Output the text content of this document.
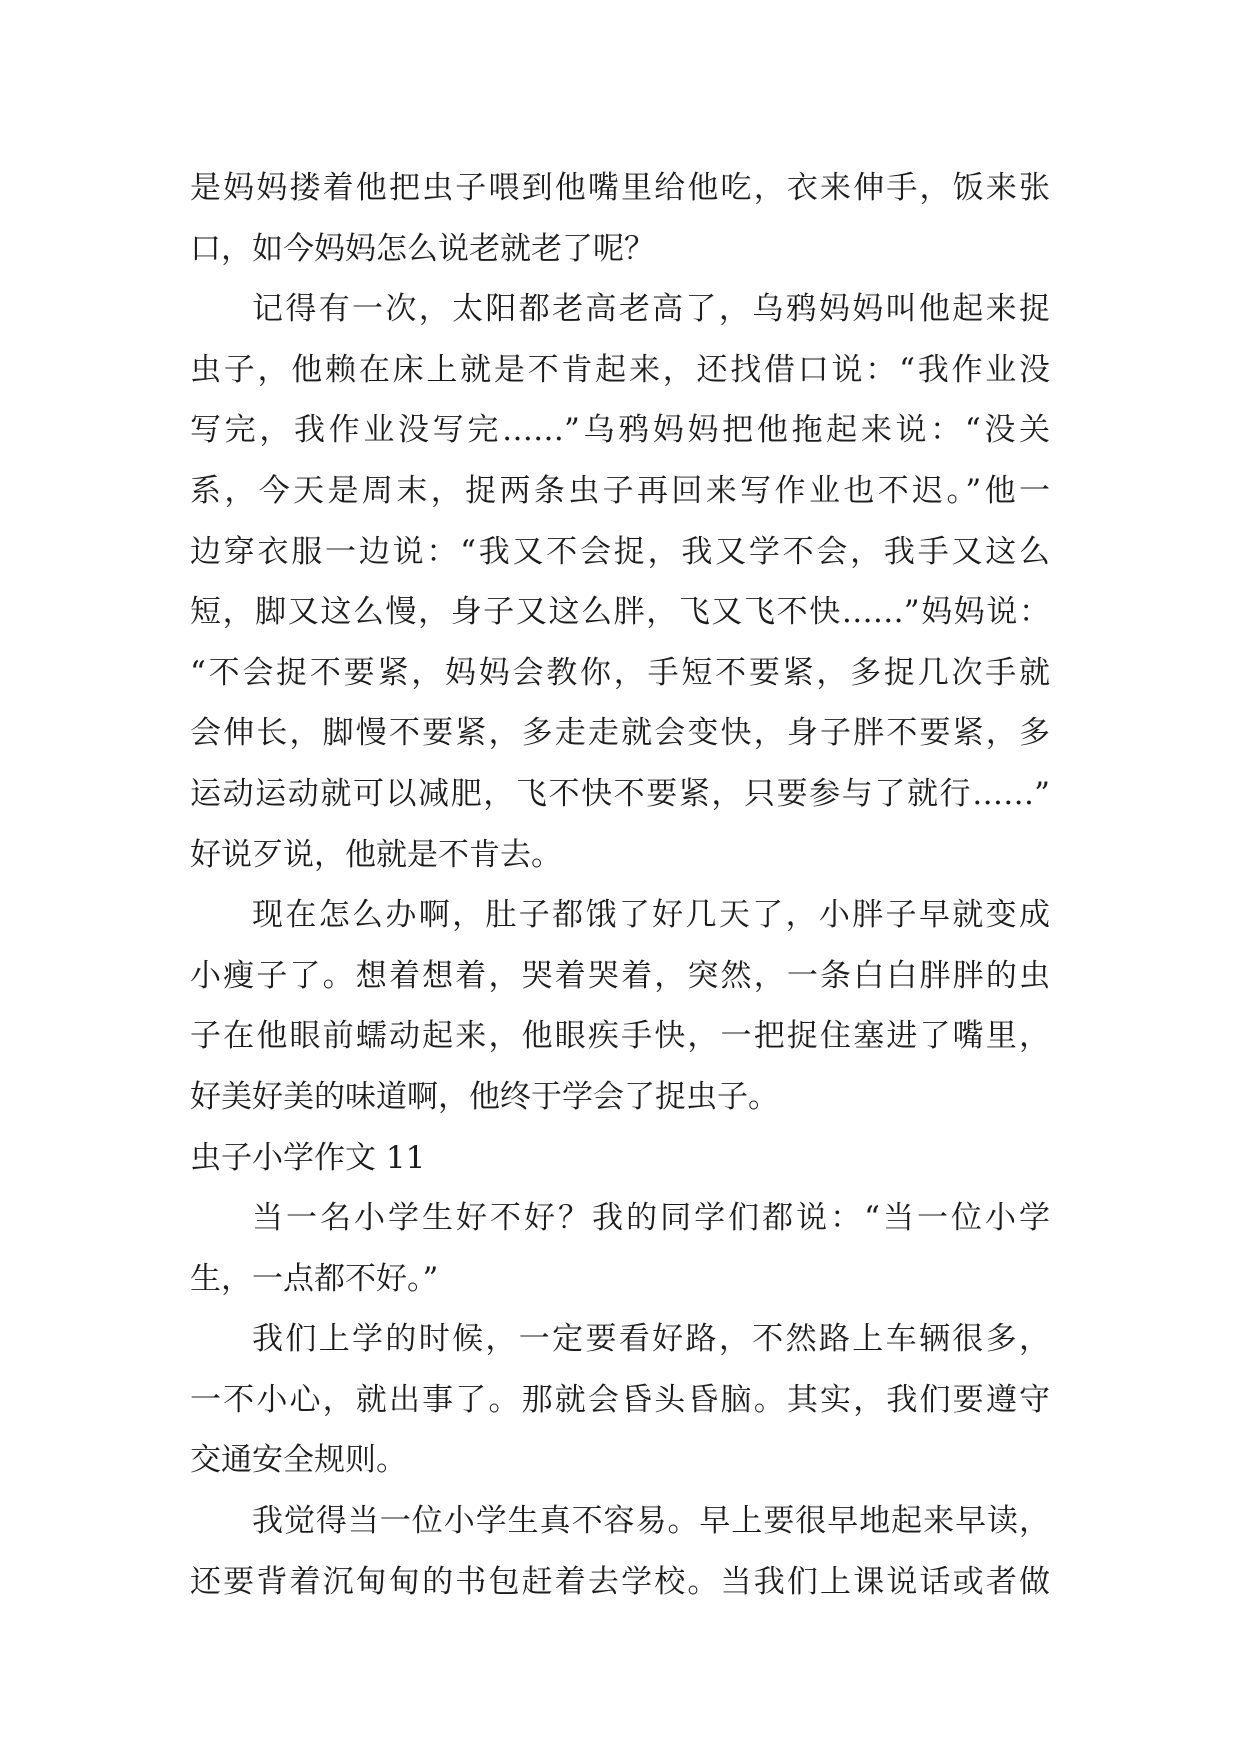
是妈妈搂着他把虫子喂到他嘴里给他吃，衣来伸手，饭来张
口，如今妈妈怎么说老就老了呢？
记得有一次，太阳都老高老高了，乌鸦妈妈叫他起来捉
虫子，他赖在床上就是不肯起来，还找借口说：“我作业没
写完，我作业没写完……”乌鸦妈妈把他拖起来说：“没关
系，今天是周末，捉两条虫子再回来写作业也不迟。”他一
边穿衣服一边说：“我又不会捉，我又学不会，我手又这么
短，脚又这么慢，身子又这么胖，飞又飞不快……”妈妈说：
“不会捉不要紧，妈妈会教你，手短不要紧，多捉几次手就
会伸长，脚慢不要紧，多走走就会变快，身子胖不要紧，多
运动运动就可以减肥，飞不快不要紧，只要参与了就行……”
好说歹说，他就是不肯去。
现在怎么办啊，肚子都饿了好几天了，小胖子早就变成
小瘦子了。想着想着，哭着哭着，突然，一条白白胖胖的虫
子在他眼前蠕动起来，他眼疾手快，一把捉住塞进了嘴里，
好美好美的味道啊，他终于学会了捉虫子。
虫子小学作文 11
当一名小学生好不好？我的同学们都说：“当一位小学
生，一点都不好。”
我们上学的时候，一定要看好路，不然路上车辆很多，
一不小心，就出事了。那就会昏头昏脑。其实，我们要遵守
交通安全规则。
我觉得当一位小学生真不容易。早上要很早地起来早读，
还要背着沉甸甸的书包赶着去学校。当我们上课说话或者做
